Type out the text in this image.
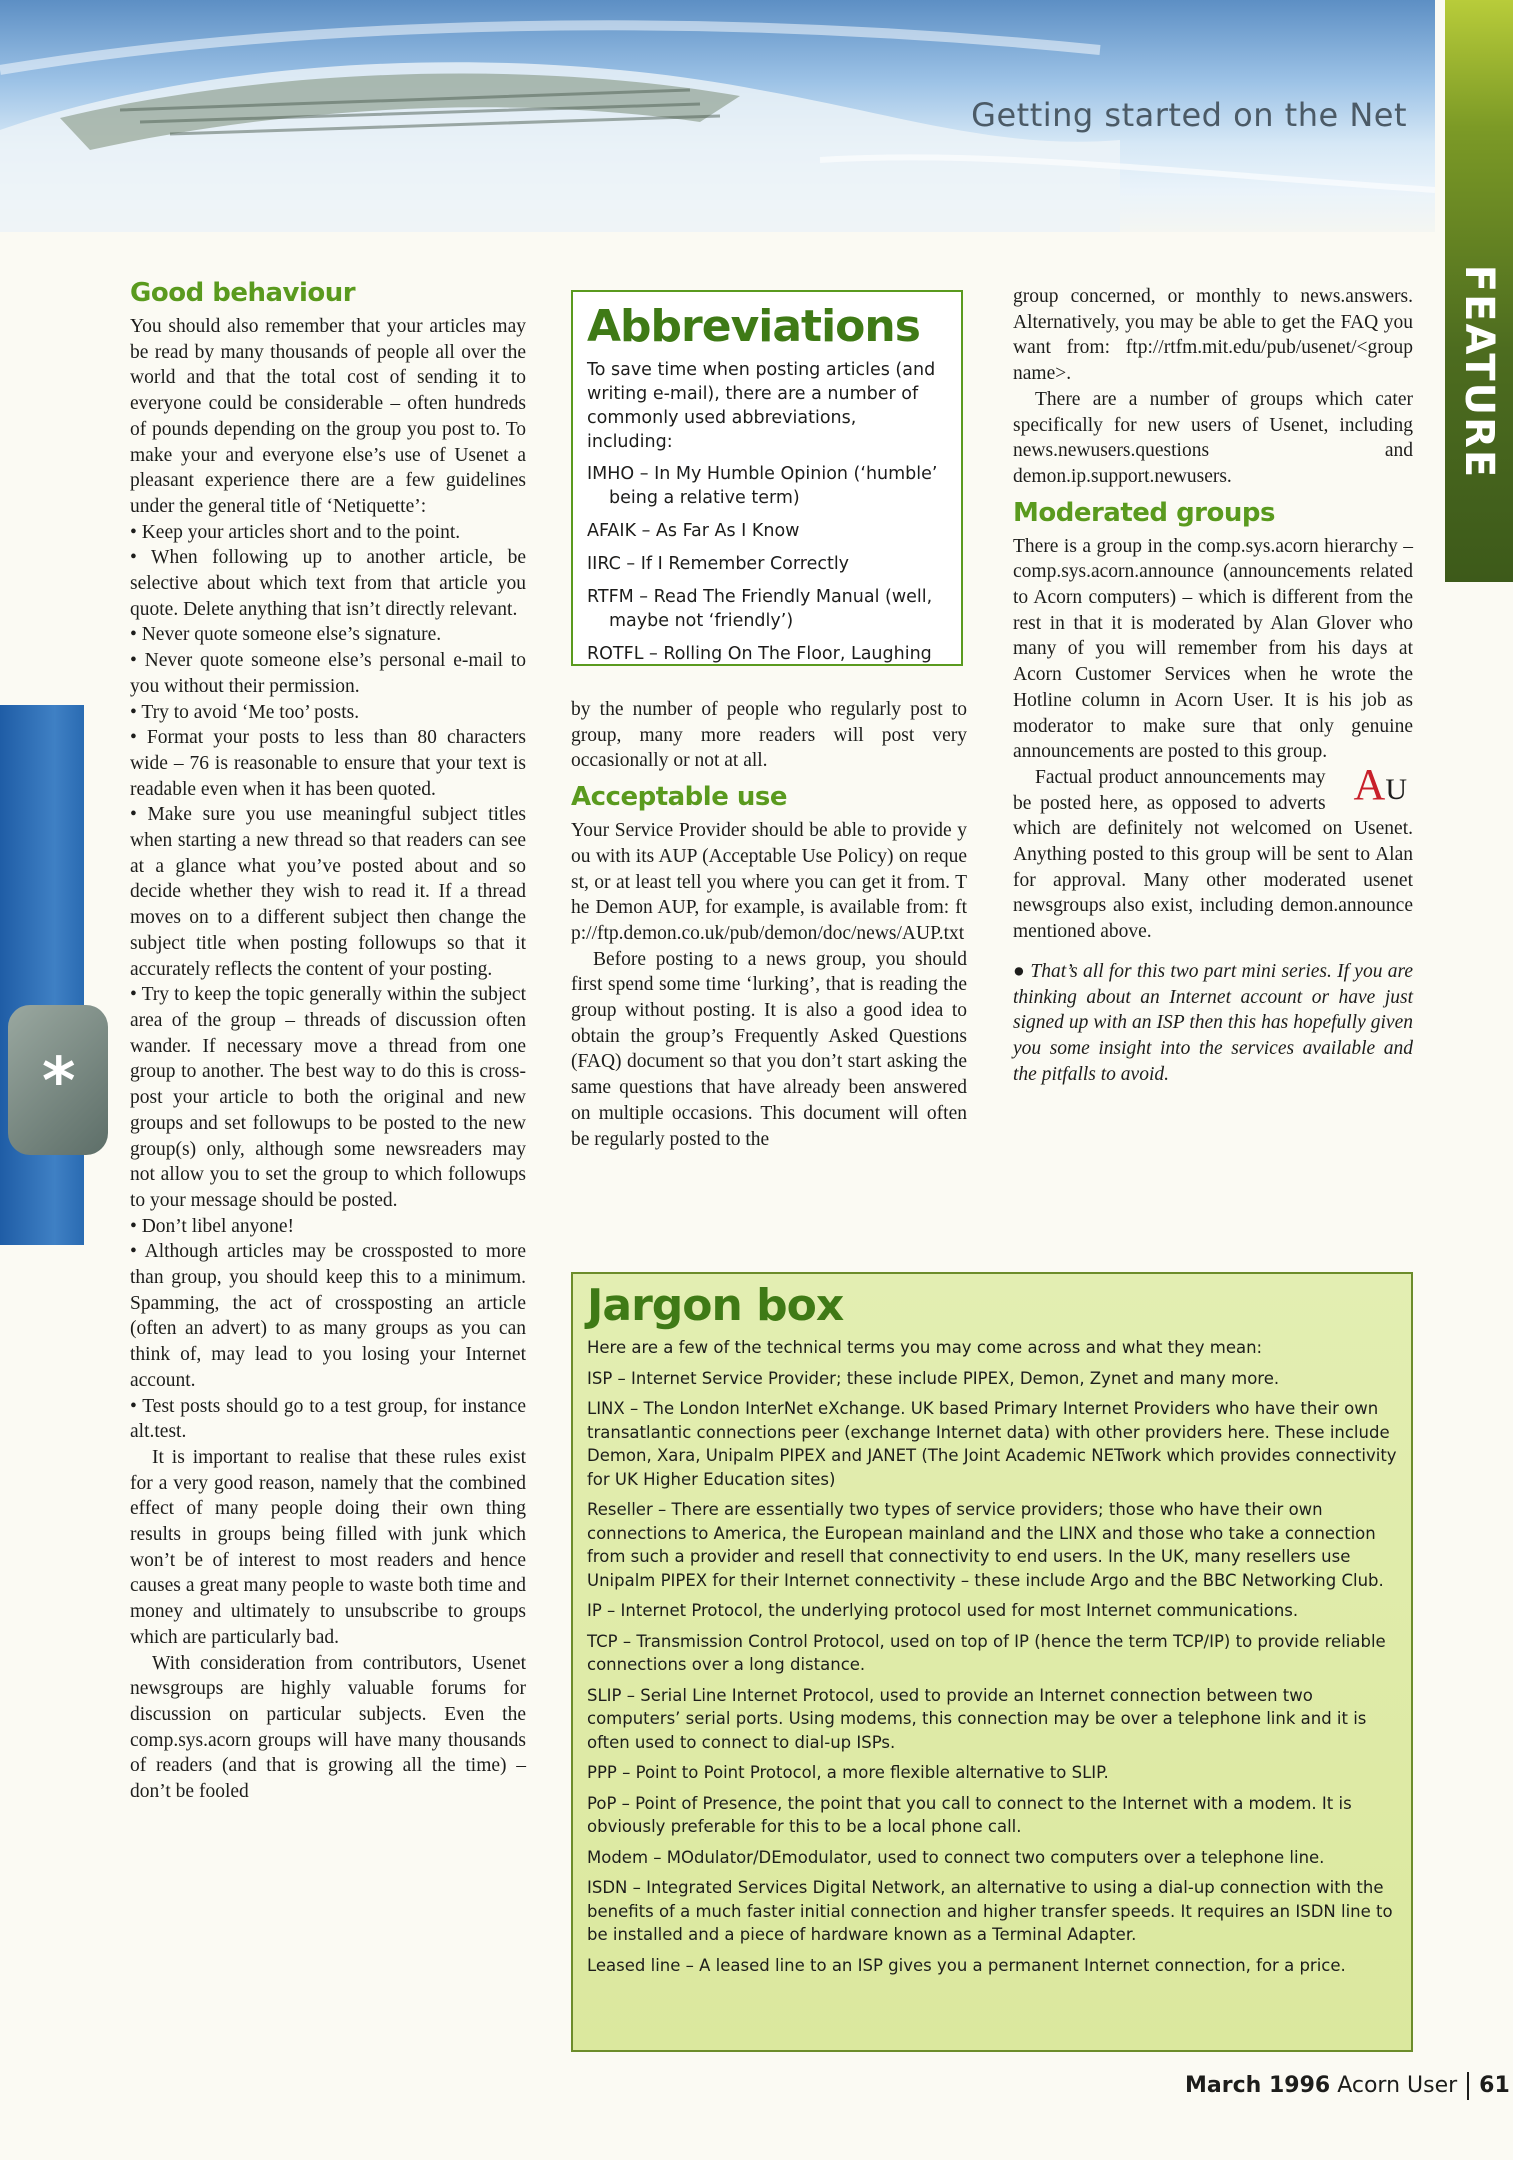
Getting started on the Net
FEATURE
*
Good behaviour

You should also remember that your articles may be read by many thousands of people all over the world and that the total cost of sending it to everyone could be considerable – often hundreds of pounds depending on the group you post to. To make your and everyone else’s use of Usenet a pleasant experience there are a few guidelines under the general title of ‘Netiquette’:

• Keep your articles short and to the point.

• When following up to another article, be selective about which text from that article you quote. Delete anything that isn’t directly relevant.

• Never quote someone else’s signature.

• Never quote someone else’s personal e-mail to you without their permission.

• Try to avoid ‘Me too’ posts.

• Format your posts to less than 80 characters wide – 76 is reasonable to ensure that your text is readable even when it has been quoted.

• Make sure you use meaningful subject titles when starting a new thread so that readers can see at a glance what you’ve posted about and so decide whether they wish to read it. If a thread moves on to a different subject then change the subject title when posting followups so that it accurately reflects the content of your posting.

• Try to keep the topic generally within the subject area of the group – threads of discussion often wander. If necessary move a thread from one group to another. The best way to do this is cross-post your article to both the original and new groups and set followups to be posted to the new group(s) only, although some newsreaders may not allow you to set the group to which followups to your message should be posted.

• Don’t libel anyone!

• Although articles may be crossposted to more than group, you should keep this to a minimum. Spamming, the act of crossposting an article (often an advert) to as many groups as you can think of, may lead to you losing your Internet account.

• Test posts should go to a test group, for instance alt.test.

It is important to realise that these rules exist for a very good reason, namely that the combined effect of many people doing their own thing results in groups being filled with junk which won’t be of interest to most readers and hence causes a great many people to waste both time and money and ultimately to unsubscribe to groups which are particularly bad.

With consideration from contributors, Usenet newsgroups are highly valuable forums for discussion on particular subjects. Even the comp.sys.acorn groups will have many thousands of readers (and that is growing all the time) – don’t be fooled

Abbreviations

To save time when posting articles (and writing e-mail), there are a number of commonly used abbreviations, including:

IMHO – In My Humble Opinion (‘humble’ being a relative term)

AFAIK – As Far As I Know

IIRC – If I Remember Correctly

RTFM – Read The Friendly Manual (well, maybe not ‘friendly’)

ROTFL – Rolling On The Floor, Laughing

by the number of people who regularly post to group, many more readers will post very occasionally or not at all.

Acceptable use

Your Service Provider should be able to provide you with its AUP (Acceptable Use Policy) on request, or at least tell you where you can get it from. The Demon AUP, for example, is available from: ftp://ftp.demon.co.uk/pub/demon/doc/news/AUP.txt

Before posting to a news group, you should first spend some time ‘lurking’, that is reading the group without posting. It is also a good idea to obtain the group’s Frequently Asked Questions (FAQ) document so that you don’t start asking the same questions that have already been answered on multiple occasions. This document will often be regularly posted to the

group concerned, or monthly to news.answers. Alternatively, you may be able to get the FAQ you want from: ftp://rtfm.mit.edu/pub/usenet/<group name>.

There are a number of groups which cater specifically for new users of Usenet, including news.newusers.questions and demon.ip.support.newusers.

Moderated groups

There is a group in the comp.sys.acorn hierarchy – comp.sys.acorn.announce (announcements related to Acorn computers) – which is different from the rest in that it is moderated by Alan Glover who many of you will remember from his days at Acorn Customer Services when he wrote the Hotline column in Acorn User. It is his job as moderator to make sure that only genuine announcements are posted to this group.

AU
Factual product announcements may be posted here, as opposed to adverts which are definitely not welcomed on Usenet. Anything posted to this group will be sent to Alan for approval. Many other moderated usenet newsgroups also exist, including demon.announce mentioned above.

● That’s all for this two part mini series. If you are thinking about an Internet account or have just signed up with an ISP then this has hopefully given you some insight into the services available and the pitfalls to avoid.

Jargon box

Here are a few of the technical terms you may come across and what they mean:

ISP – Internet Service Provider; these include PIPEX, Demon, Zynet and many more.

LINX – The London InterNet eXchange. UK based Primary Internet Providers who have their own transatlantic connections peer (exchange Internet data) with other providers here. These include Demon, Xara, Unipalm PIPEX and JANET (The Joint Academic NETwork which provides connectivity for UK Higher Education sites)

Reseller – There are essentially two types of service providers; those who have their own connections to America, the European mainland and the LINX and those who take a connection from such a provider and resell that connectivity to end users. In the UK, many resellers use Unipalm PIPEX for their Internet connectivity – these include Argo and the BBC Networking Club.

IP – Internet Protocol, the underlying protocol used for most Internet communications.

TCP – Transmission Control Protocol, used on top of IP (hence the term TCP/IP) to provide reliable connections over a long distance.

SLIP – Serial Line Internet Protocol, used to provide an Internet connection between two computers’ serial ports. Using modems, this connection may be over a telephone link and it is often used to connect to dial-up ISPs.

PPP – Point to Point Protocol, a more flexible alternative to SLIP.

PoP – Point of Presence, the point that you call to connect to the Internet with a modem. It is obviously preferable for this to be a local phone call.

Modem – MOdulator/DEmodulator, used to connect two computers over a telephone line.

ISDN – Integrated Services Digital Network, an alternative to using a dial-up connection with the benefits of a much faster initial connection and higher transfer speeds. It requires an ISDN line to be installed and a piece of hardware known as a Terminal Adapter.

Leased line – A leased line to an ISP gives you a permanent Internet connection, for a price.

March 1996 Acorn User 61
